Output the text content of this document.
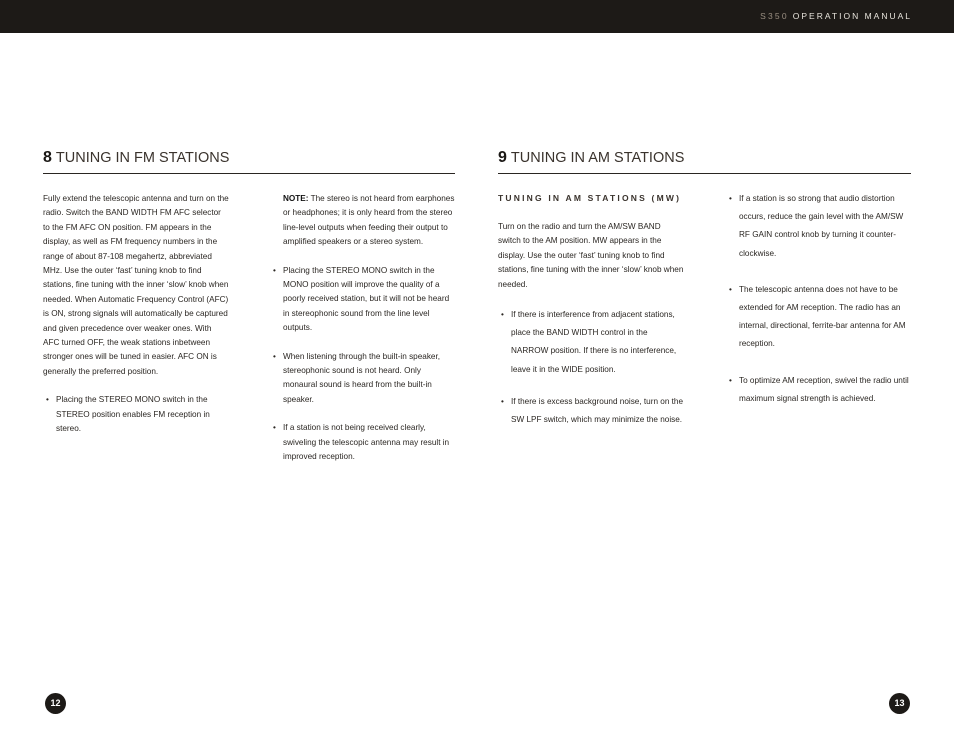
S350 OPERATION MANUAL
8 TUNING IN FM STATIONS

Fully extend the telescopic antenna and turn on the radio. Switch the BAND WIDTH FM AFC selector to the FM AFC ON position. FM appears in the display, as well as FM frequency numbers in the range of about 87-108 megahertz, abbreviated MHz. Use the outer ‘fast’ tuning knob to find stations, fine tuning with the inner ‘slow’ knob when needed. When Automatic Frequency Control (AFC) is ON, strong signals will automatically be captured and given precedence over weaker ones. With AFC turned OFF, the weak stations inbetween stronger ones will be tuned in easier. AFC ON is generally the preferred position.

• Placing the STEREO MONO switch in the STEREO position enables FM reception in stereo.

NOTE: The stereo is not heard from earphones or headphones; it is only heard from the stereo line-level outputs when feeding their output to amplified speakers or a stereo system.

• Placing the STEREO MONO switch in the MONO position will improve the quality of a poorly received station, but it will not be heard in stereophonic sound from the line level outputs.
• When listening through the built-in speaker, stereophonic sound is not heard. Only monaural sound is heard from the built-in speaker.
• If a station is not being received clearly, swiveling the telescopic antenna may result in improved reception.
9 TUNING IN AM STATIONS
TUNING IN AM STATIONS (MW)

Turn on the radio and turn the AM/SW BAND switch to the AM position. MW appears in the display. Use the outer ‘fast’ tuning knob to find stations, fine tuning with the inner ‘slow’ knob when needed.

• If there is interference from adjacent stations, place the BAND WIDTH control in the NARROW position. If there is no interference, leave it in the WIDE position.
• If there is excess background noise, turn on the SW LPF switch, which may minimize the noise.
• If a station is so strong that audio distortion occurs, reduce the gain level with the AM/SW RF GAIN control knob by turning it counter-clockwise.
• The telescopic antenna does not have to be extended for AM reception. The radio has an internal, directional, ferrite-bar antenna for AM reception.
• To optimize AM reception, swivel the radio until maximum signal strength is achieved.
12	13
